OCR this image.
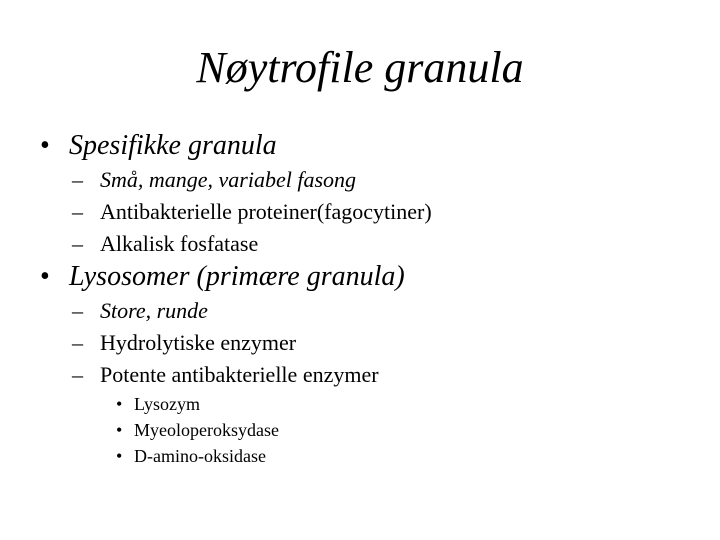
Nøytrofile granula
• Spesifikke granula
– Små, mange, variabel fasong
– Antibakterielle proteiner(fagocytiner)
– Alkalisk fosfatase
• Lysosomer (primære granula)
– Store, runde
– Hydrolytiske enzymer
– Potente antibakterielle enzymer
• Lysozym
• Myeoloperoksydase
• D-amino-oksidase
